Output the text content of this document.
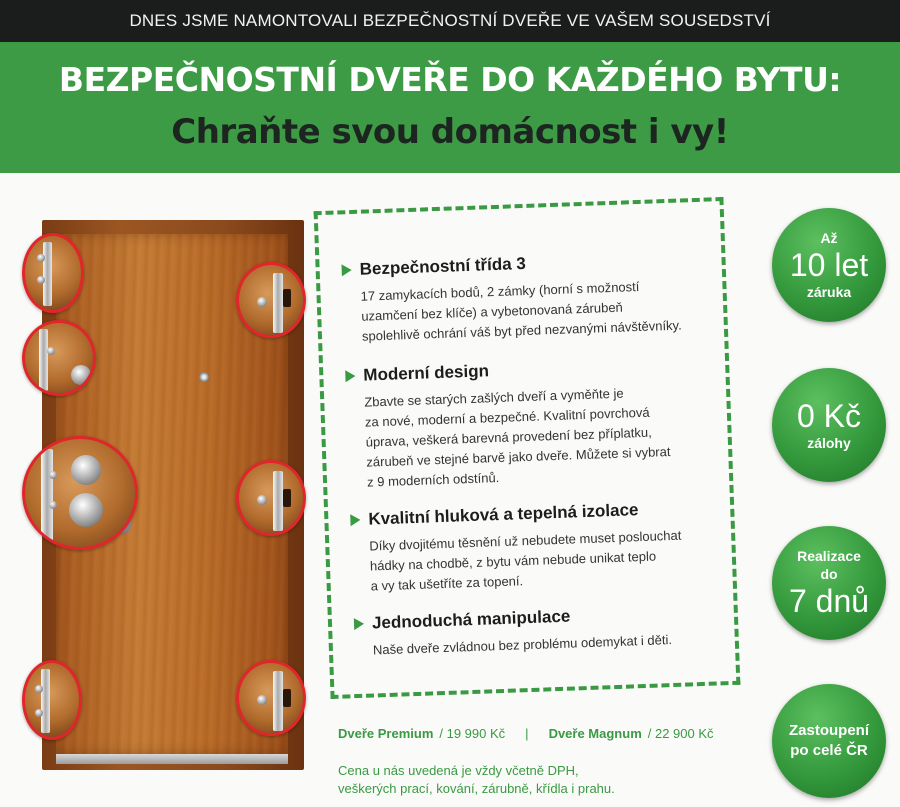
DNES JSME NAMONTOVALI BEZPEČNOSTNÍ DVEŘE VE VAŠEM SOUSEDSTVÍ
BEZPEČNOSTNÍ DVEŘE DO KAŽDÉHO BYTU:
Chraňte svou domácnost i vy!
Bezpečnostní třída 3
17 zamykacích bodů, 2 zámky (horní s možností
uzamčení bez klíče) a vybetonovaná zárubeň
spolehlivě ochrání váš byt před nezvanými návštěvníky.
Moderní design
Zbavte se starých zašlých dveří a vyměňte je
za nové, moderní a bezpečné. Kvalitní povrchová
úprava, veškerá barevná provedení bez příplatku,
zárubeň ve stejné barvě jako dveře. Můžete si vybrat
z 9 moderních odstínů.
Kvalitní hluková a tepelná izolace
Díky dvojitému těsnění už nebudete muset poslouchat
hádky na chodbě, z bytu vám nebude unikat teplo
a vy tak ušetříte za topení.
Jednoduchá manipulace
Naše dveře zvládnou bez problému odemykat i děti.
Až
10 let
záruka
0 Kč
zálohy
Realizace do
7 dnů
Zastoupení po celé ČR
Dveře Premium / 19 990 Kč | Dveře Magnum / 22 900 Kč
Cena u nás uvedená je vždy včetně DPH,
veškerých prací, kování, zárubně, křídla i prahu.
